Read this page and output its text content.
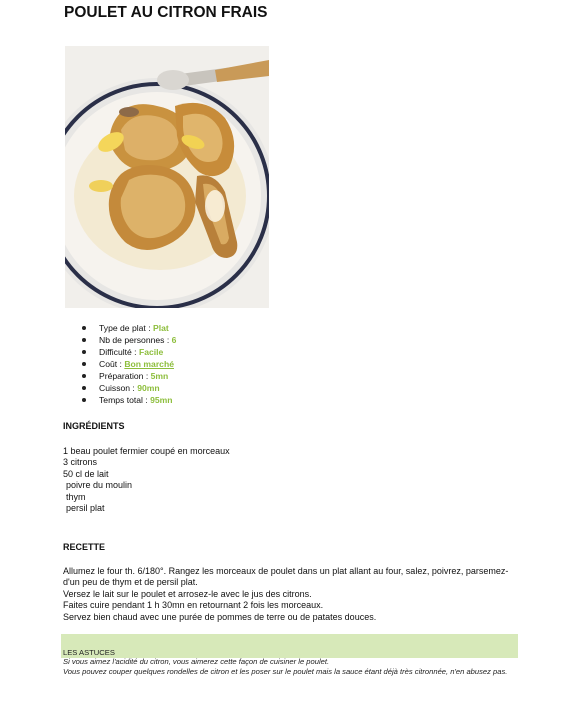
POULET AU CITRON FRAIS
Type de plat : Plat
Nb de personnes : 6
Difficulté : Facile
Coût : Bon marché
Préparation : 5mn
Cuisson : 90mn
Temps total : 95mn
INGRÉDIENTS
1 beau poulet fermier coupé en morceaux
3 citrons
50 cl de lait
poivre du moulin
thym
persil plat
RECETTE
Allumez le four th. 6/180°. Rangez les morceaux de poulet dans un plat allant au four, salez, poivrez, parsemez-d'un peu de thym et de persil plat.
Versez le lait sur le poulet et arrosez-le avec le jus des citrons.
Faites cuire pendant 1 h 30mn en retournant 2 fois les morceaux.
Servez bien chaud avec une purée de pommes de terre ou de patates douces.
LES ASTUCES
Si vous aimez l'acidité du citron, vous aimerez cette façon de cuisiner le poulet.
Vous pouvez couper quelques rondelles de citron et les poser sur le poulet mais la sauce étant déjà très citronnée, n'en abusez pas.
